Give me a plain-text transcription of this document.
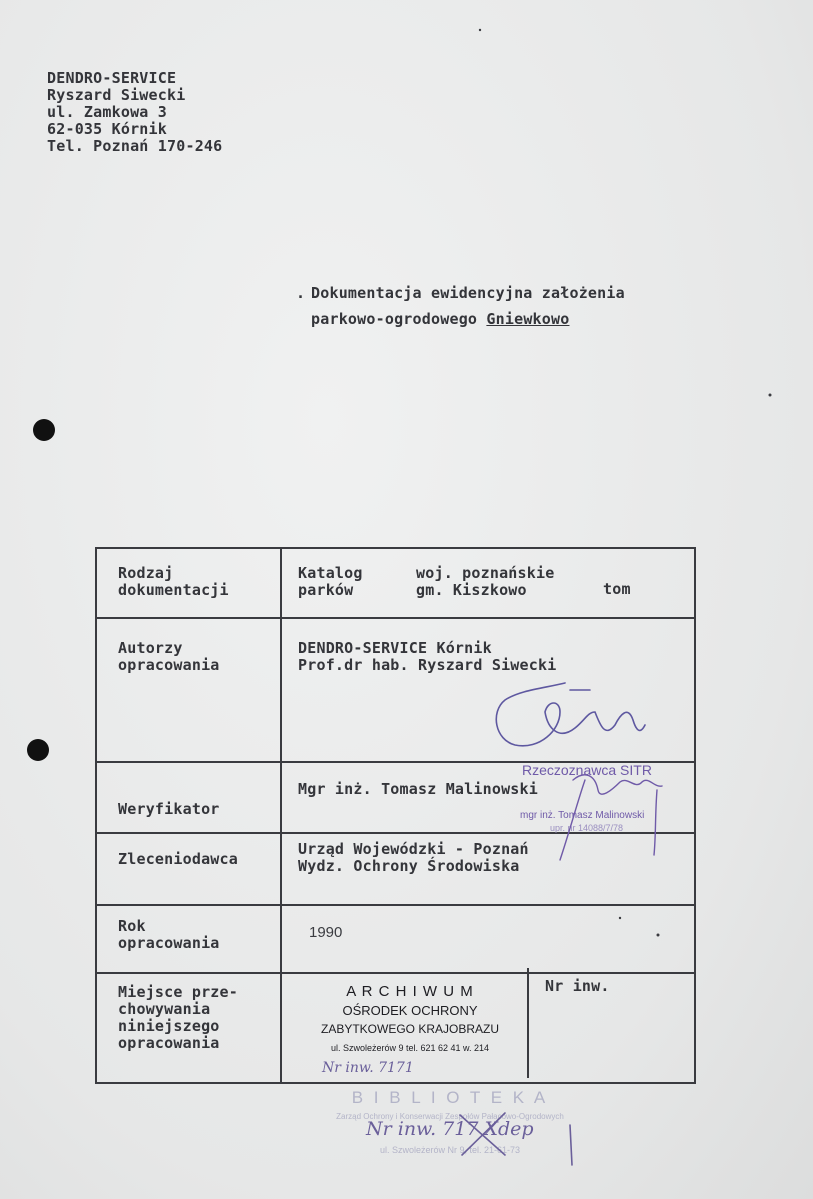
DENDRO-SERVICE
Ryszard Siwecki
ul. Zamkowa 3
62-035 Kórnik
Tel. Poznań 170-246
. Dokumentacja ewidencyjna założenia
parkowo-ogrodowego Gniewkowo
Rodzaj
dokumentacji
Katalog
parków
woj. poznańskie
gm. Kiszkowo	tom
Autorzy
opracowania
DENDRO-SERVICE Kórnik
Prof.dr hab. Ryszard Siwecki
Weryfikator
Mgr inż. Tomasz Malinowski
Rzeczoznawca SITR
mgr inż. Tomasz Malinowski
upr. nr 14088/7/78
Zleceniodawca
Urząd Wojewódzki - Poznań
Wydz. Ochrony Środowiska
Rok
opracowania
1990
Miejsce prze-
chowywania
niniejszego
opracowania
A R C H I W U M
OŚRODEK OCHRONY
ZABYTKOWEGO KRAJOBRAZU
ul. Szwoleżerów 9 tel. 621 62 41 w. 214
Nr inw. 7171
Nr inw.
B I B L I O T E K A
Zarząd Ochrony i Konserwacji Zespołów Pałacowo-Ogrodowych
ul. Szwoleżerów Nr 9, tel. 21-61-73
Nr inw. 717 Xdep
